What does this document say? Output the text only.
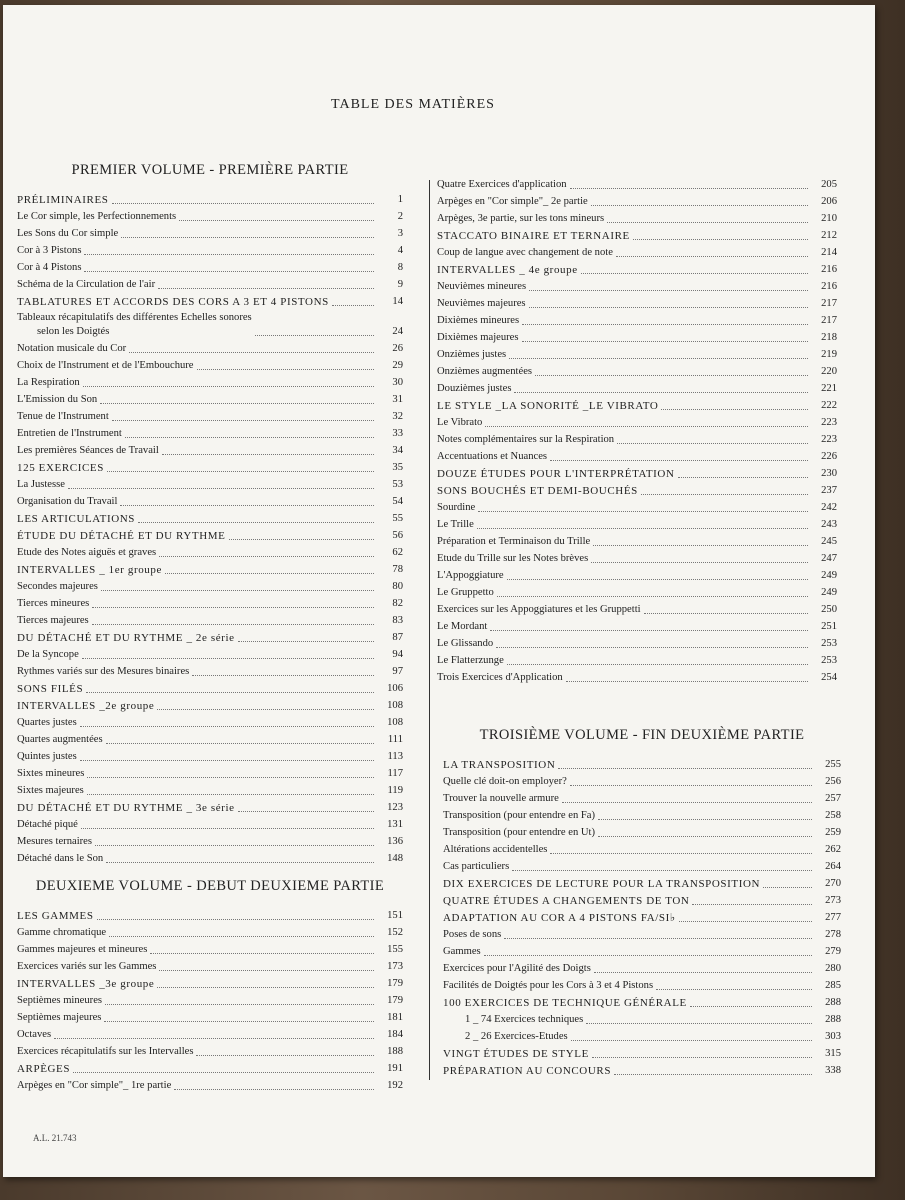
TABLE DES MATIÈRES
PREMIER VOLUME - PREMIÈRE PARTIE
PRÉLIMINAIRES	1
Le Cor simple, les Perfectionnements	2
Les Sons du Cor simple	3
Cor à 3 Pistons	4
Cor à 4 Pistons	8
Schéma de la Circulation de l'air	9
TABLATURES ET ACCORDS DES CORS A 3 ET 4 PISTONS	14
Tableaux récapitulatifs des différentes Echelles sonores
selon les Doigtés	24
Notation musicale du Cor	26
Choix de l'Instrument et de l'Embouchure	29
La Respiration	30
L'Emission du Son	31
Tenue de l'Instrument	32
Entretien de l'Instrument	33
Les premières Séances de Travail	34
125 EXERCICES	35
La Justesse	53
Organisation du Travail	54
LES ARTICULATIONS	55
ÉTUDE DU DÉTACHÉ ET DU RYTHME	56
Etude des Notes aiguës et graves	62
INTERVALLES _ 1er groupe	78
Secondes majeures	80
Tierces mineures	82
Tierces majeures	83
DU DÉTACHÉ ET DU RYTHME _ 2e série	87
De la Syncope	94
Rythmes variés sur des Mesures binaires	97
SONS FILÉS	106
INTERVALLES _2e groupe	108
Quartes justes	108
Quartes augmentées	111
Quintes justes	113
Sixtes mineures	117
Sixtes majeures	119
DU DÉTACHÉ ET DU RYTHME _ 3e série	123
Détaché piqué	131
Mesures ternaires	136
Détaché dans le Son	148
DEUXIEME VOLUME - DEBUT DEUXIEME PARTIE
LES GAMMES	151
Gamme chromatique	152
Gammes majeures et mineures	155
Exercices variés sur les Gammes	173
INTERVALLES _3e groupe	179
Septièmes mineures	179
Septièmes majeures	181
Octaves	184
Exercices récapitulatifs sur les Intervalles	188
ARPÈGES	191
Arpèges en "Cor simple"_ 1re partie	192
Quatre Exercices d'application	205
Arpèges en "Cor simple"_ 2e partie	206
Arpèges, 3e partie, sur les tons mineurs	210
STACCATO BINAIRE ET TERNAIRE	212
Coup de langue avec changement de note	214
INTERVALLES _ 4e groupe	216
Neuvièmes mineures	216
Neuvièmes majeures	217
Dixièmes mineures	217
Dixièmes majeures	218
Onzièmes justes	219
Onzièmes augmentées	220
Douzièmes justes	221
LE STYLE _LA SONORITÉ _LE VIBRATO	222
Le Vibrato	223
Notes complémentaires sur la Respiration	223
Accentuations et Nuances	226
DOUZE ÉTUDES POUR L'INTERPRÉTATION	230
SONS BOUCHÉS ET DEMI-BOUCHÉS	237
Sourdine	242
Le Trille	243
Préparation et Terminaison du Trille	245
Etude du Trille sur les Notes brèves	247
L'Appoggiature	249
Le Gruppetto	249
Exercices sur les Appoggiatures et les Gruppetti	250
Le Mordant	251
Le Glissando	253
Le Flatterzunge	253
Trois Exercices d'Application	254
TROISIÈME VOLUME - FIN DEUXIÈME PARTIE
LA TRANSPOSITION	255
Quelle clé doit-on employer?	256
Trouver la nouvelle armure	257
Transposition (pour entendre en Fa)	258
Transposition (pour entendre en Ut)	259
Altérations accidentelles	262
Cas particuliers	264
DIX EXERCICES DE LECTURE POUR LA TRANSPOSITION	270
QUATRE ÉTUDES A CHANGEMENTS DE TON	273
ADAPTATION AU COR A 4 PISTONS FA/SI♭	277
Poses de sons	278
Gammes	279
Exercices pour l'Agilité des Doigts	280
Facilités de Doigtés pour les Cors à 3 et 4 Pistons	285
100 EXERCICES DE TECHNIQUE GÉNÉRALE	288
1 _ 74 Exercices techniques	288
2 _ 26 Exercices-Etudes	303
VINGT ÉTUDES DE STYLE	315
PRÉPARATION AU CONCOURS	338
A.L. 21.743
